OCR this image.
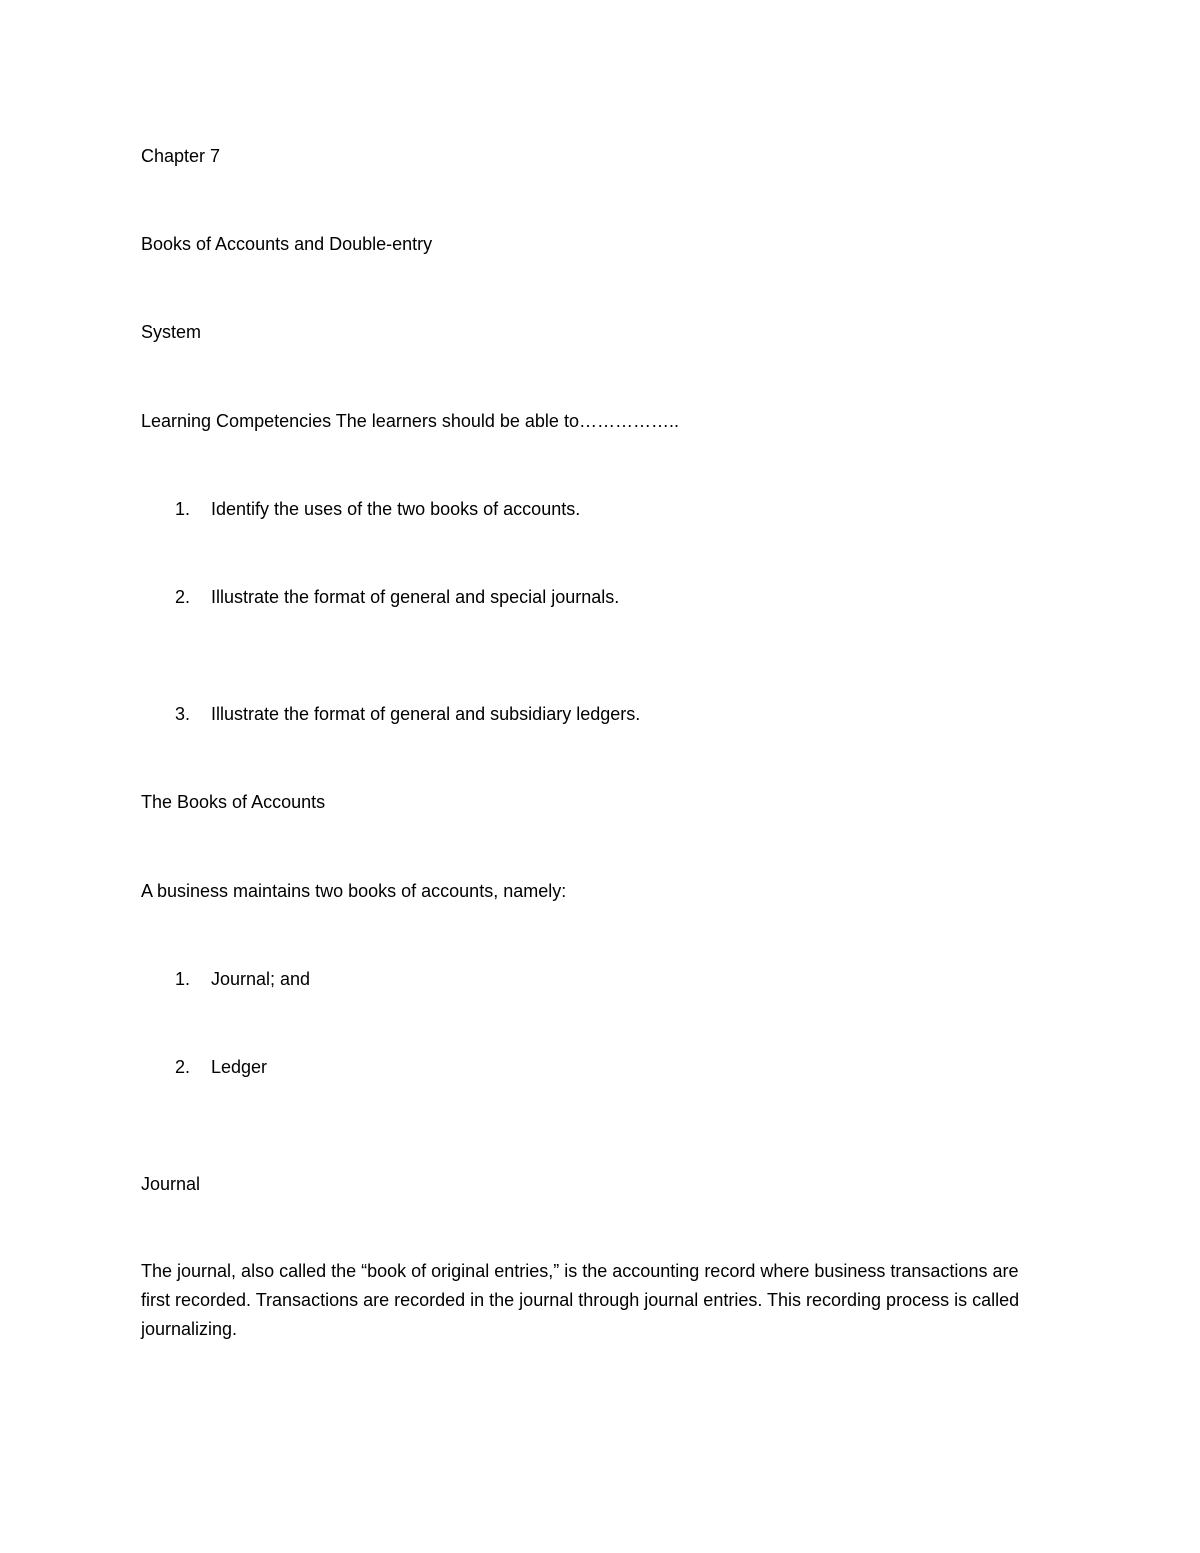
Chapter 7
Books of Accounts and Double-entry
System
Learning Competencies The learners should be able to……………..
1. Identify the uses of the two books of accounts.
2. Illustrate the format of general and special journals.
3. Illustrate the format of general and subsidiary ledgers.
The Books of Accounts
A business maintains two books of accounts, namely:
1. Journal; and
2. Ledger
Journal
The journal, also called the “book of original entries,” is the accounting record where business transactions are first recorded. Transactions are recorded in the journal through journal entries. This recording process is called journalizing.
